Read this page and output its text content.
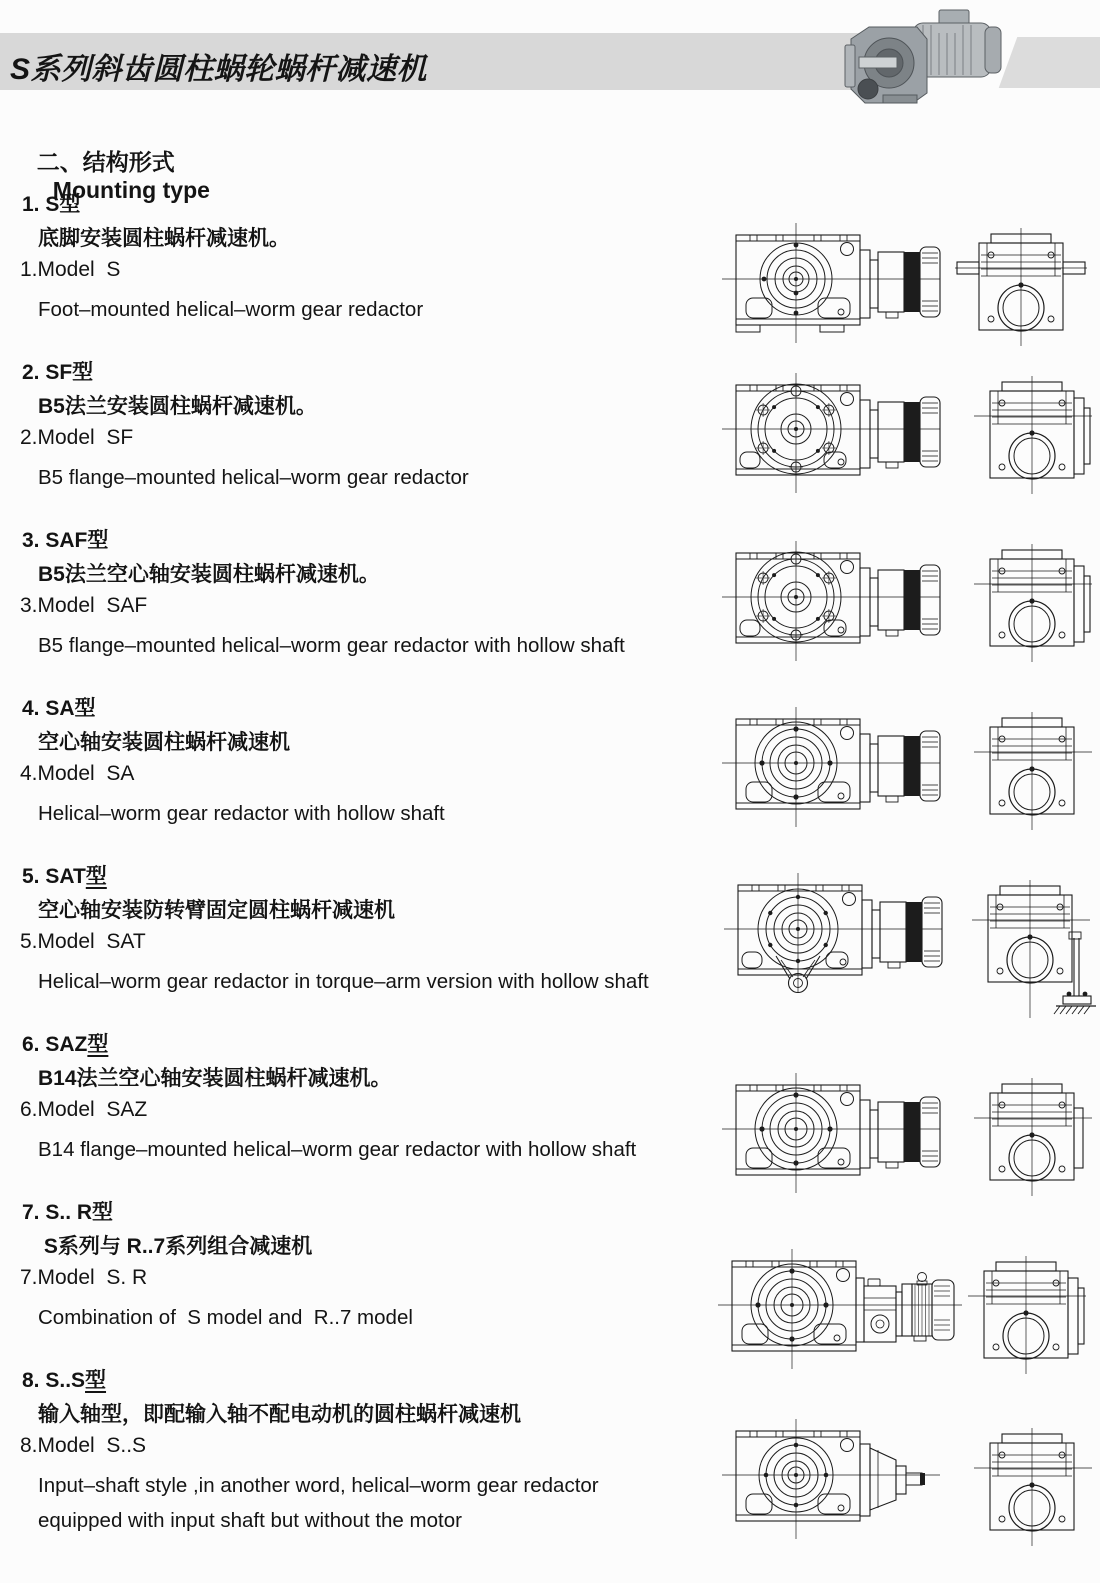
S系列斜齿圆柱蜗轮蜗杆减速机

二、结构形式
Mounting type

1. S型
底脚安装圆柱蜗杆减速机。
1.Model  S
Foot–mounted helical–worm gear redactor
2. SF型
B5法兰安装圆柱蜗杆减速机。
2.Model  SF
B5 flange–mounted helical–worm gear redactor
3. SAF型
B5法兰空心轴安装圆柱蜗杆减速机。
3.Model  SAF
B5 flange–mounted helical–worm gear redactor with hollow shaft
4. SA型
空心轴安装圆柱蜗杆减速机
4.Model  SA
Helical–worm gear redactor with hollow shaft
5. SAT型
空心轴安装防转臂固定圆柱蜗杆减速机
5.Model  SAT
Helical–worm gear redactor in torque–arm version with hollow shaft
6. SAZ型
B14法兰空心轴安装圆柱蜗杆减速机。
6.Model  SAZ
B14 flange–mounted helical–worm gear redactor with hollow shaft
7. S.. R型
S系列与 R..7系列组合减速机
7.Model  S. R
Combination of  S model and  R..7 model
8. S..S型
输入轴型，即配输入轴不配电动机的圆柱蜗杆减速机
8.Model  S..S
Input–shaft style ,in another word, helical–worm gear redactor
equipped with input shaft but without the motor
